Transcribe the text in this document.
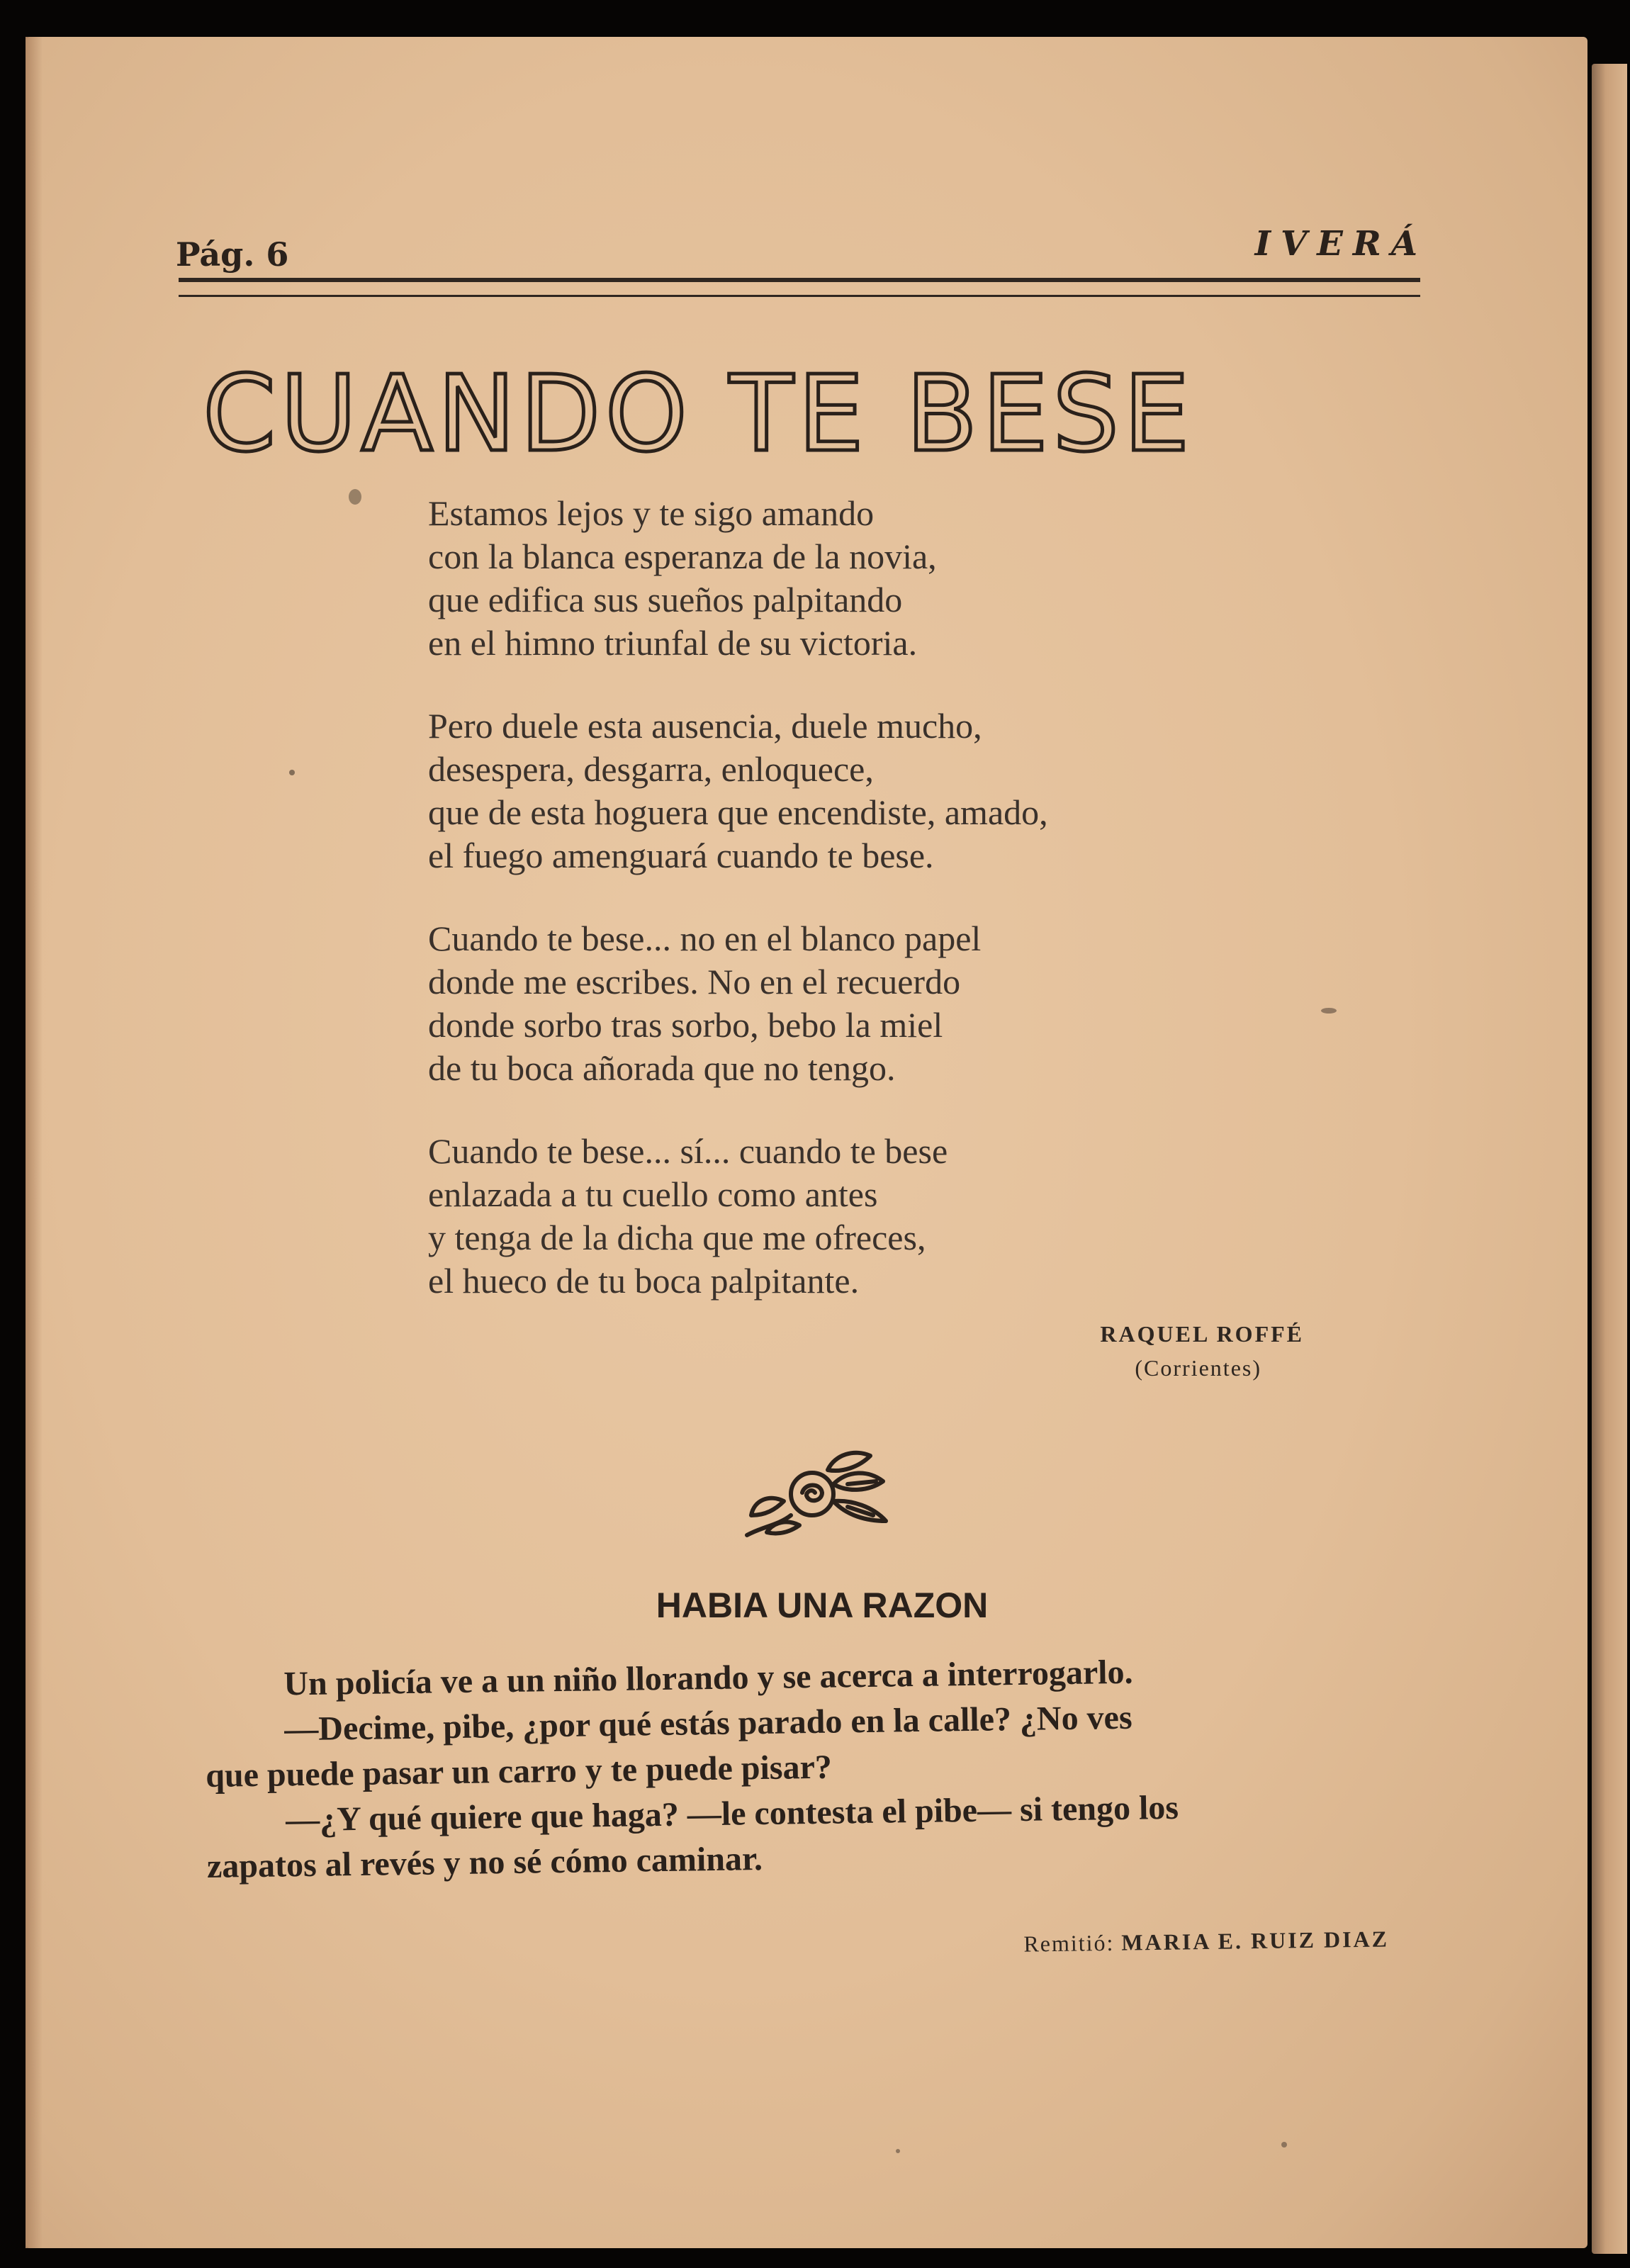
Pág. 6	IVERÁ
CUANDO TE BESE
Estamos lejos y te sigo amando
con la blanca esperanza de la novia,
que edifica sus sueños palpitando
en el himno triunfal de su victoria.
Pero duele esta ausencia, duele mucho,
desespera, desgarra, enloquece,
que de esta hoguera que encendiste, amado,
el fuego amenguará cuando te bese.
Cuando te bese... no en el blanco papel
donde me escribes. No en el recuerdo
donde sorbo tras sorbo, bebo la miel
de tu boca añorada que no tengo.
Cuando te bese... sí... cuando te bese
enlazada a tu cuello como antes
y tenga de la dicha que me ofreces,
el hueco de tu boca palpitante.
RAQUEL ROFFÉ
(Corrientes)
HABIA UNA RAZON
Un policía ve a un niño llorando y se acerca a interrogarlo.
—Decime, pibe, ¿por qué estás parado en la calle? ¿No ves
que puede pasar un carro y te puede pisar?
—¿Y qué quiere que haga? —le contesta el pibe— si tengo los
zapatos al revés y no sé cómo caminar.
Remitió: MARIA E. RUIZ DIAZ
